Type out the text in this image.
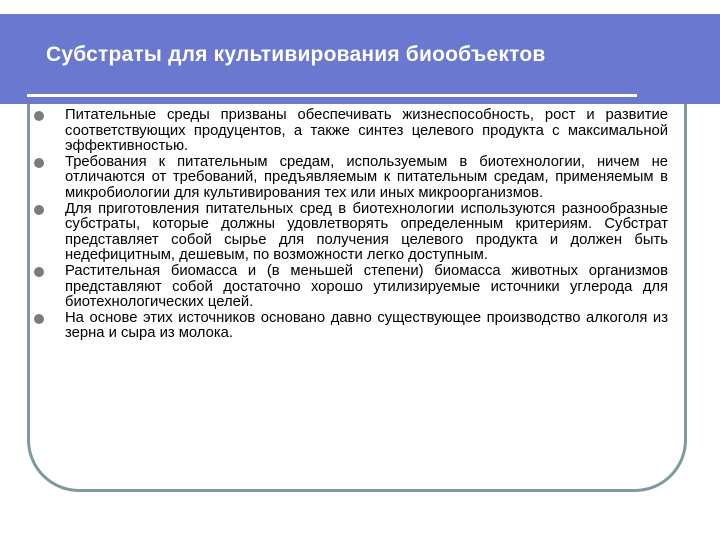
Субстраты для культивирования биообъектов
Питательные среды призваны обеспечивать жизнеспособность, рост и развитие соответствующих продуцентов, а также синтез целевого продукта с максимальной эффективностью.
Требования к питательным средам, используемым в биотехнологии, ничем не отличаются от требований, предъявляемым к питательным средам, применяемым в микробиологии для культивирования тех или иных микроорганизмов.
Для приготовления питательных сред в биотехнологии используются разнообразные субстраты, которые должны удовлетворять определенным критериям. Субстрат представляет собой сырье для получения целевого продукта и должен быть недефицитным, дешевым, по возможности легко доступным.
Растительная биомасса и (в меньшей степени) биомасса животных организмов представляют собой достаточно хорошо утилизируемые источники углерода для биотехнологических целей.
На основе этих источников основано давно существующее производство алкоголя из зерна и сыра из молока.
